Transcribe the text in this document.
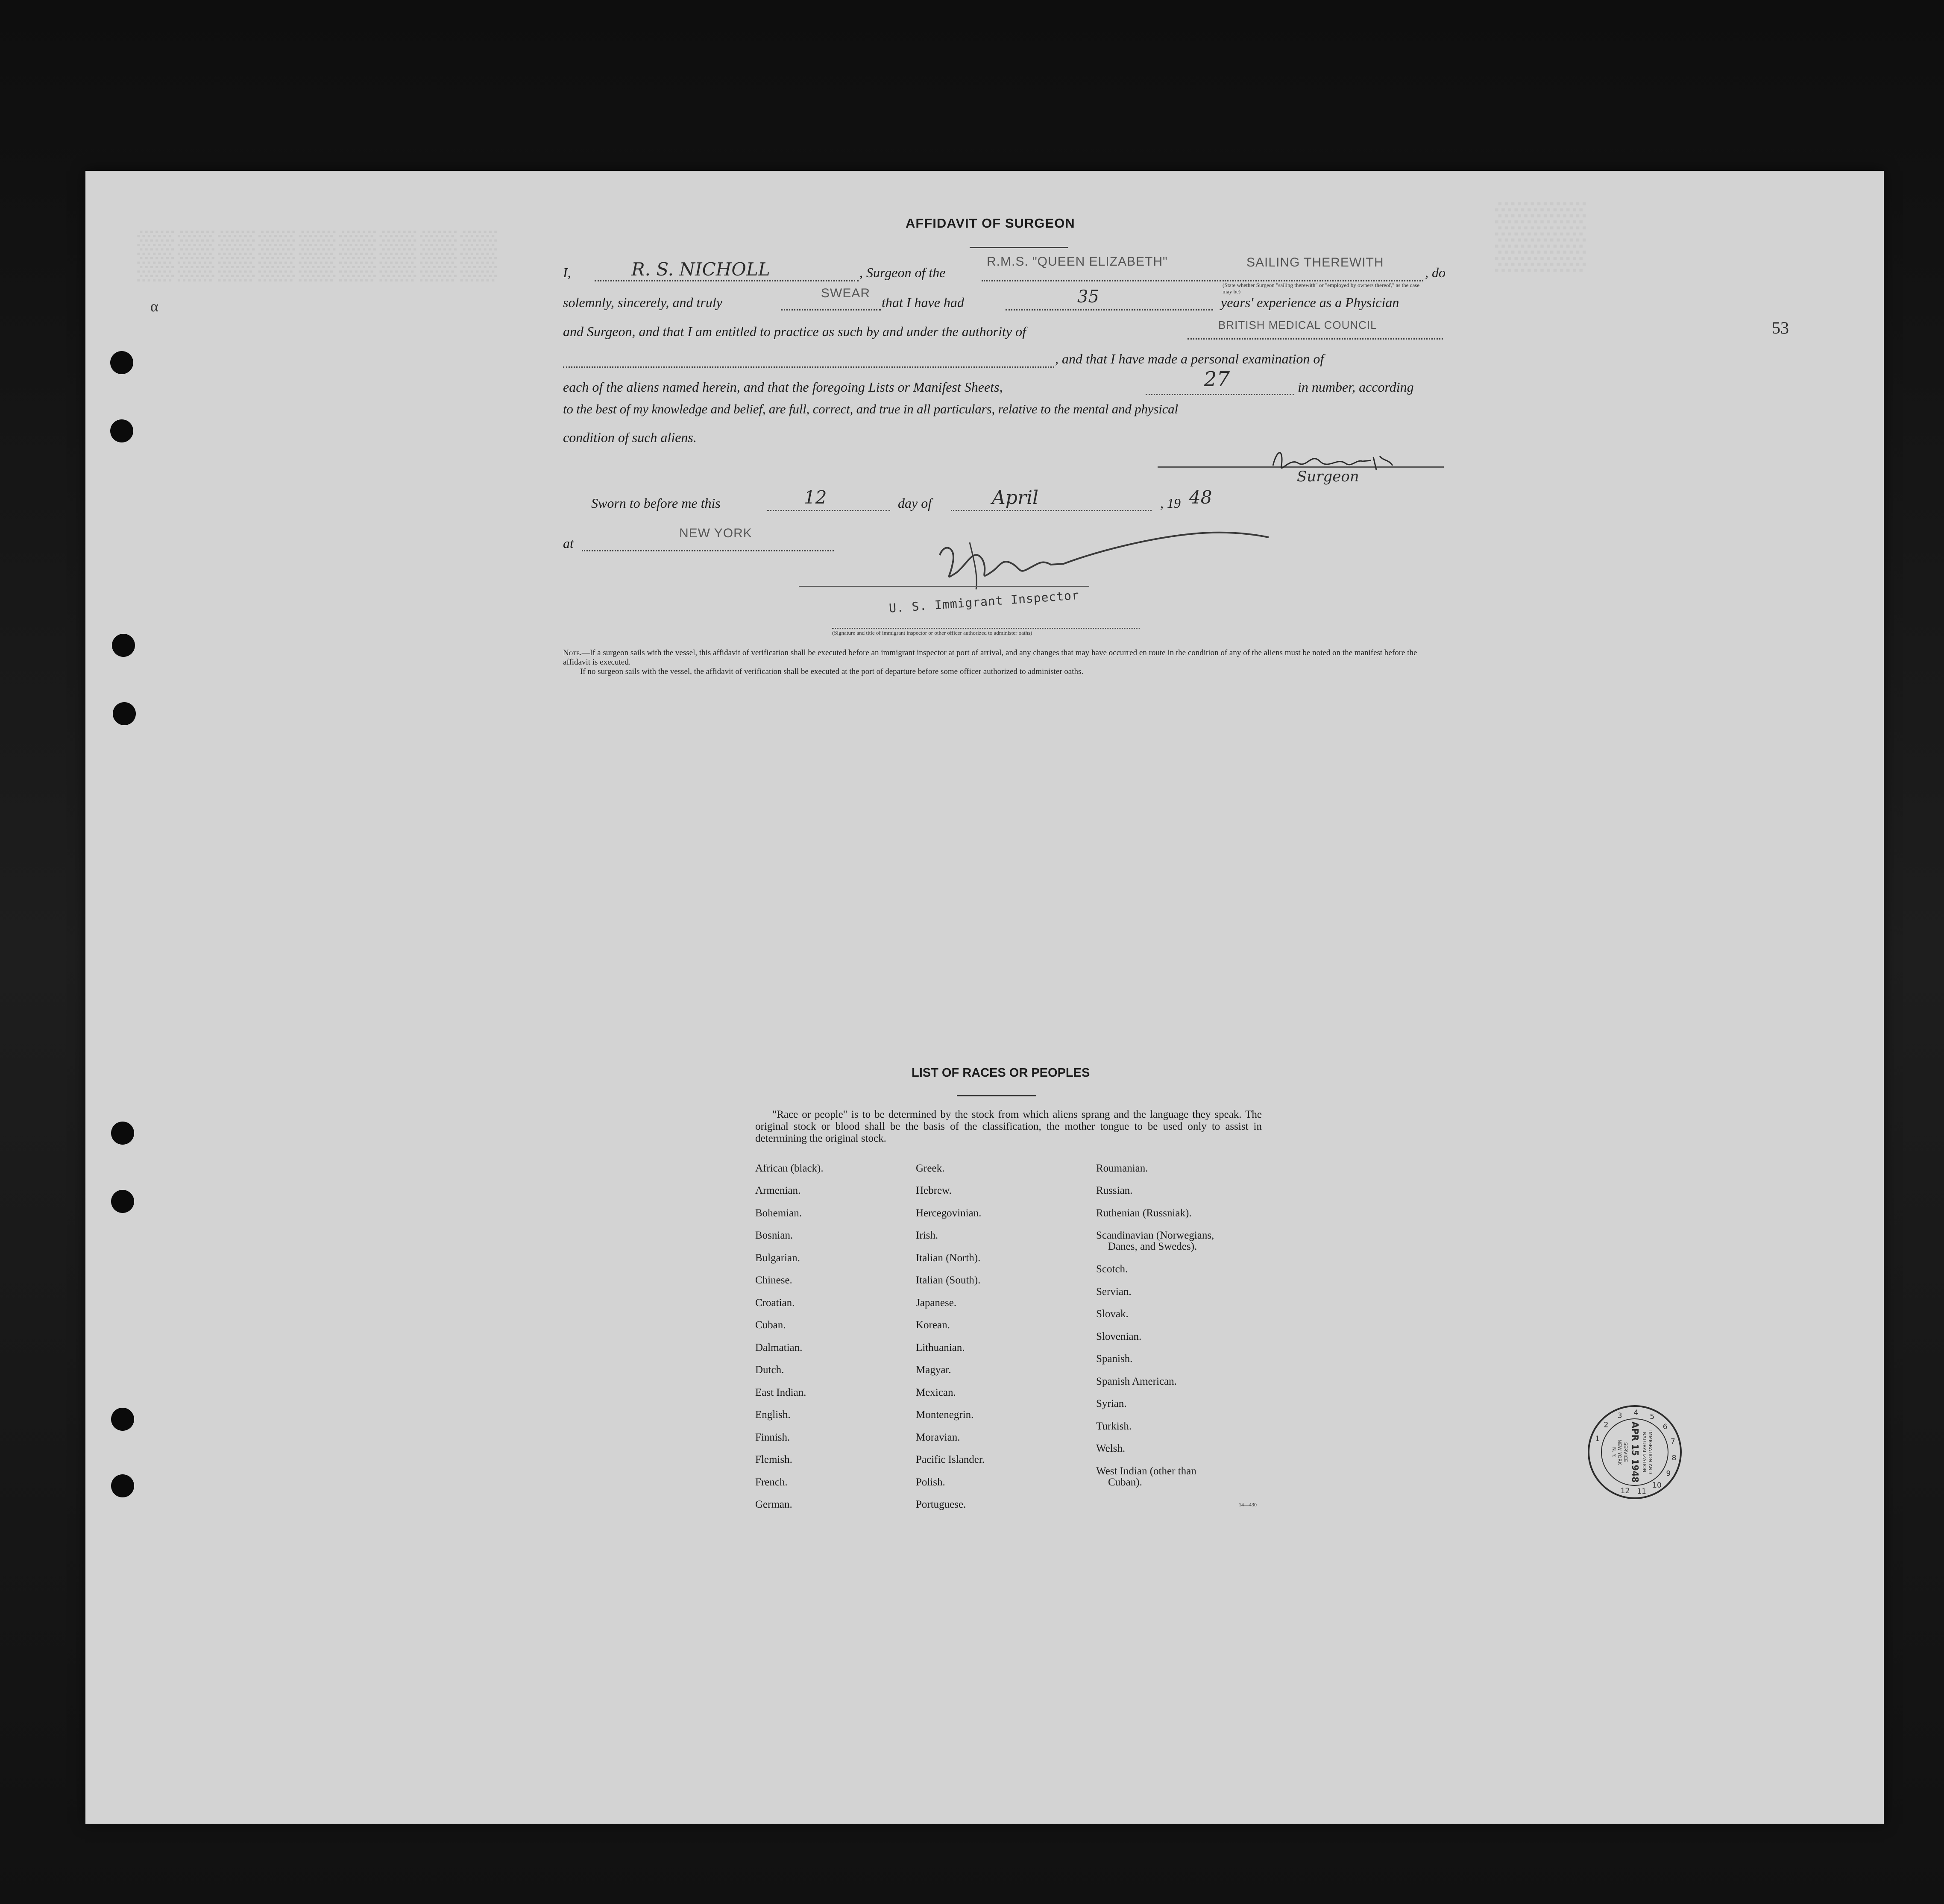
▒▒▒▒▒▒▒▒▒	▒▒
α
53
AFFIDAVIT OF SURGEON
I,	R. S. NICHOLL	, Surgeon of the
R.M.S. "QUEEN ELIZABETH"	SAILING THEREWITH
(State whether Surgeon "sailing therewith" or "employed by owners thereof," as the case may be)
, do
solemnly, sincerely, and truly
SWEAR
that I have had	35	years' experience as a Physician
and Surgeon, and that I am entitled to practice as such by and under the authority of	BRITISH MEDICAL COUNCIL
, and that I have made a personal examination of
each of the aliens named herein, and that the foregoing Lists or Manifest Sheets,	27	in number, according
to the best of my knowledge and belief, are full, correct, and true in all particulars, relative to the mental and physical
condition of such aliens.
Surgeon
Sworn to before me this	12	day of	April	, 19 48
at
NEW YORK
U. S. Immigrant Inspector
(Signature and title of immigrant inspector or other officer authorized to administer oaths)
Note.—If a surgeon sails with the vessel, this affidavit of verification shall be executed before an immigrant inspector at port of arrival, and any changes that may have occurred en route in the condition of any of the aliens must be noted on the manifest before the affidavit is executed.
If no surgeon sails with the vessel, the affidavit of verification shall be executed at the port of departure before some officer authorized to administer oaths.
LIST OF RACES OR PEOPLES
"Race or people" is to be determined by the stock from which aliens sprang and the language they speak. The original stock or blood shall be the basis of the classification, the mother tongue to be used only to assist in determining the original stock.
African (black).
Armenian.
Bohemian.
Bosnian.
Bulgarian.
Chinese.
Croatian.
Cuban.
Dalmatian.
Dutch.
East Indian.
English.
Finnish.
Flemish.
French.
German.
Greek.
Hebrew.
Hercegovinian.
Irish.
Italian (North).
Italian (South).
Japanese.
Korean.
Lithuanian.
Magyar.
Mexican.
Montenegrin.
Moravian.
Pacific Islander.
Polish.
Portuguese.
Roumanian.
Russian.
Ruthenian (Russniak).
Scandinavian (Norwegians,
Danes, and Swedes).
Scotch.
Servian.
Slovak.
Slovenian.
Spanish.
Spanish American.
Syrian.
Turkish.
Welsh.
West Indian (other than
Cuban).
14—430
1
2
3 4 5
6
7
8
9
10
11
12
IMMIGRATION AND
NATURALIZATION
APR 15 1948
SERVICE
NEW YORK
N. Y.
